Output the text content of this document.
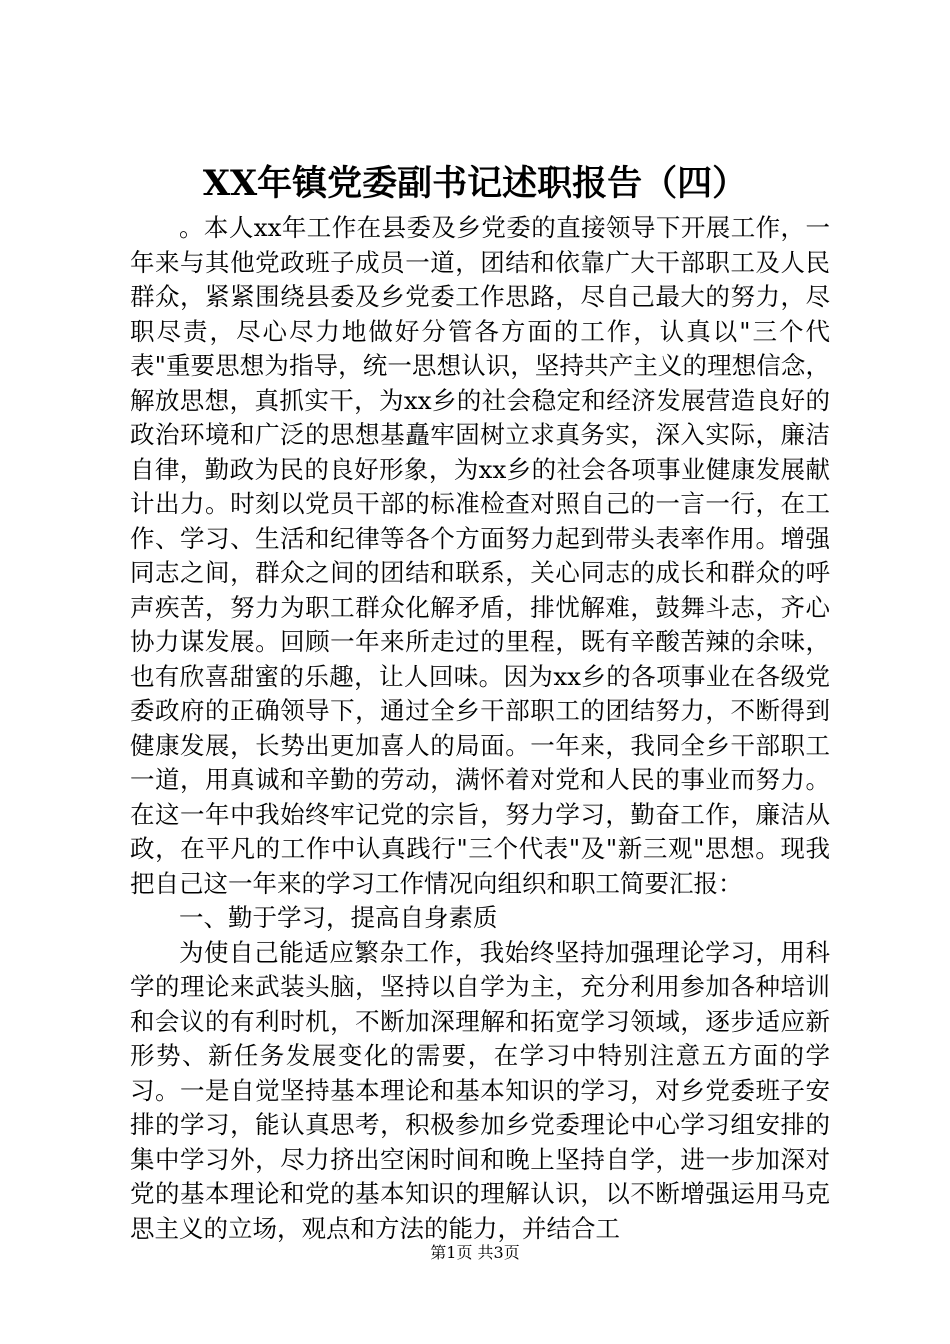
XX年镇党委副书记述职报告（四）

。本人xx年工作在县委及乡党委的直接领导下开展工作，一年来与其他党政班子成员一道，团结和依靠广大干部职工及人民群众，紧紧围绕县委及乡党委工作思路，尽自己最大的努力，尽职尽责，尽心尽力地做好分管各方面的工作，认真以"三个代表"重要思想为指导，统一思想认识，坚持共产主义的理想信念，解放思想，真抓实干，为xx乡的社会稳定和经济发展营造良好的政治环境和广泛的思想基矗牢固树立求真务实，深入实际，廉洁自律，勤政为民的良好形象，为xx乡的社会各项事业健康发展献计出力。时刻以党员干部的标准检查对照自己的一言一行，在工作、学习、生活和纪律等各个方面努力起到带头表率作用。增强同志之间，群众之间的团结和联系，关心同志的成长和群众的呼声疾苦，努力为职工群众化解矛盾，排忧解难，鼓舞斗志，齐心协力谋发展。回顾一年来所走过的里程，既有辛酸苦辣的余味，也有欣喜甜蜜的乐趣，让人回味。因为xx乡的各项事业在各级党委政府的正确领导下，通过全乡干部职工的团结努力，不断得到健康发展，长势出更加喜人的局面。一年来，我同全乡干部职工一道，用真诚和辛勤的劳动，满怀着对党和人民的事业而努力。在这一年中我始终牢记党的宗旨，努力学习，勤奋工作，廉洁从政，在平凡的工作中认真践行"三个代表"及"新三观"思想。现我把自己这一年来的学习工作情况向组织和职工简要汇报：

一、勤于学习，提高自身素质

为使自己能适应繁杂工作，我始终坚持加强理论学习，用科学的理论来武装头脑，坚持以自学为主，充分利用参加各种培训和会议的有利时机，不断加深理解和拓宽学习领域，逐步适应新形势、新任务发展变化的需要，在学习中特别注意五方面的学习。一是自觉坚持基本理论和基本知识的学习，对乡党委班子安排的学习，能认真思考，积极参加乡党委理论中心学习组安排的集中学习外，尽力挤出空闲时间和晚上坚持自学，进一步加深对党的基本理论和党的基本知识的理解认识，以不断增强运用马克思主义的立场，观点和方法的能力，并结合工

第1页 共3页
